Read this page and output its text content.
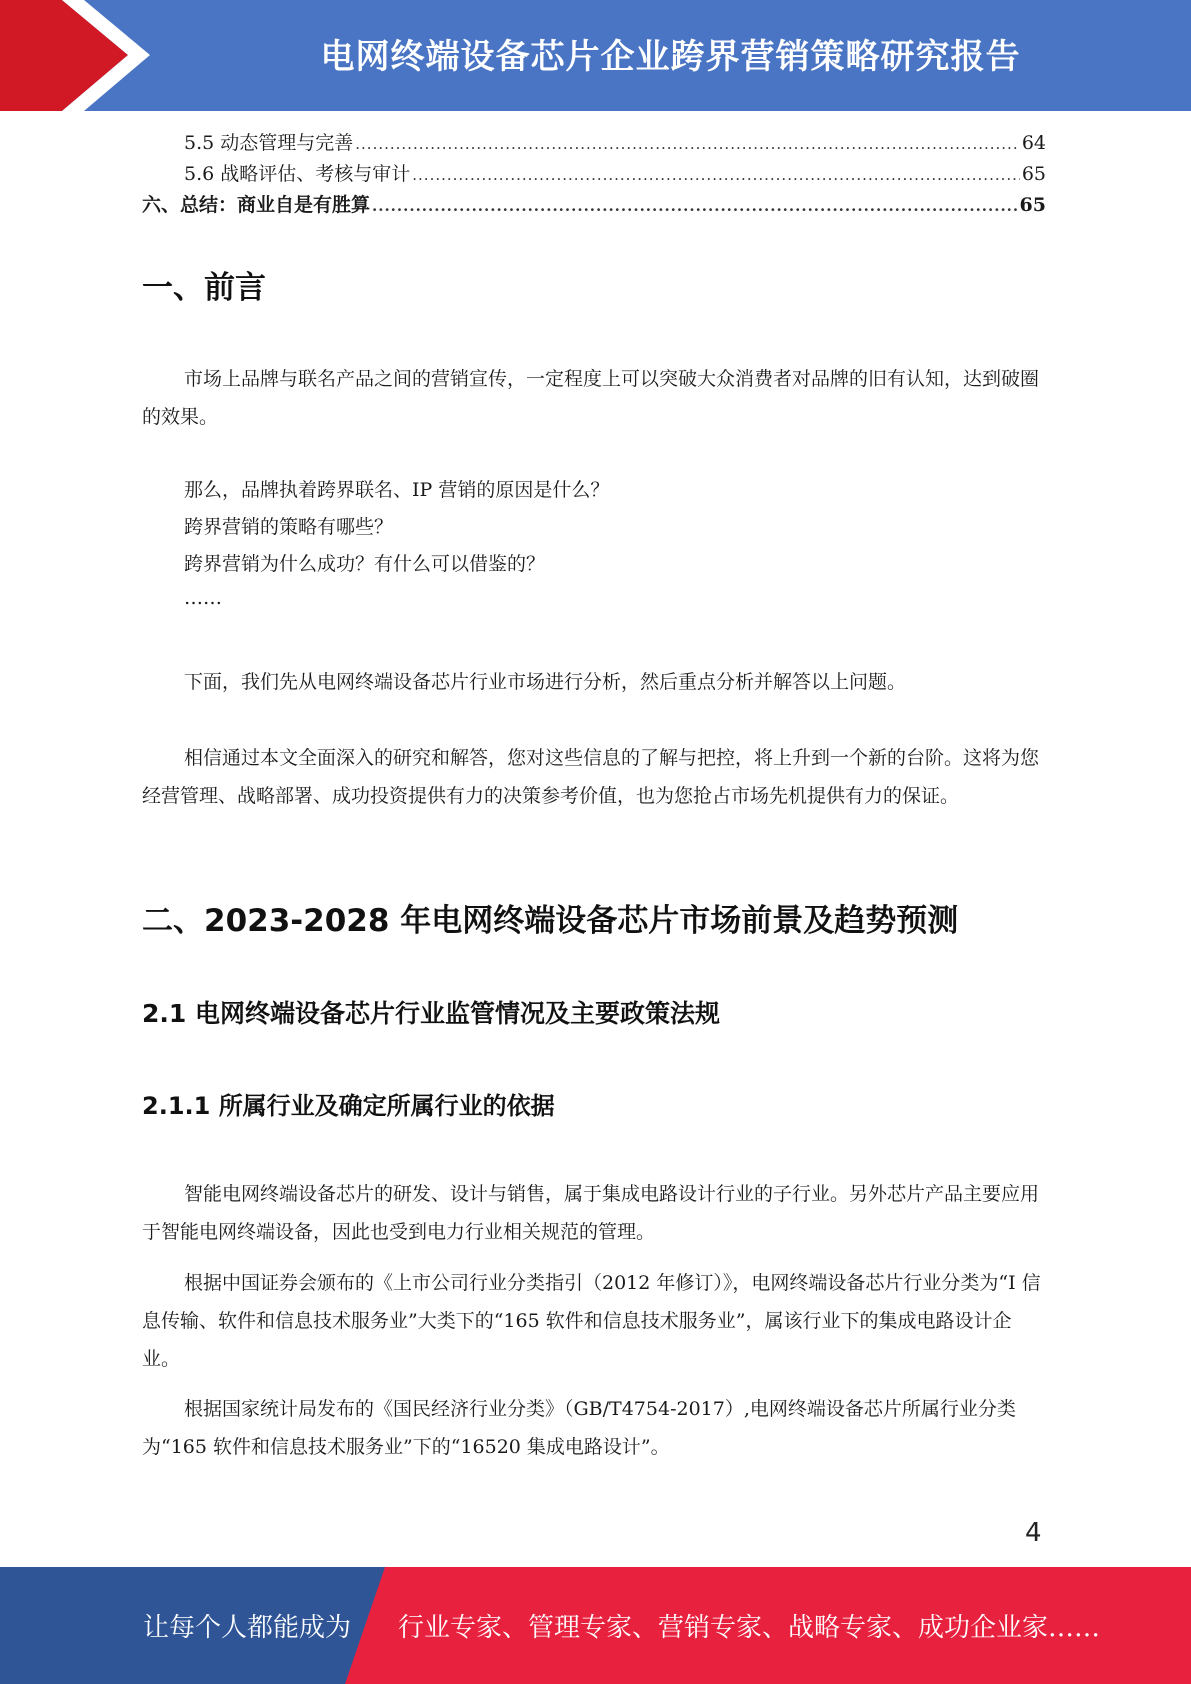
电网终端设备芯片企业跨界营销策略研究报告
5.5 动态管理与完善 .....	64
5.6 战略评估、考核与审计 .....	65
六、总结：商业自是有胜算 .....	65
一、前言

市场上品牌与联名产品之间的营销宣传，一定程度上可以突破大众消费者对品牌的旧有认知，达到破圈的效果。

那么，品牌执着跨界联名、IP 营销的原因是什么？

跨界营销的策略有哪些？

跨界营销为什么成功？有什么可以借鉴的？

……

下面，我们先从电网终端设备芯片行业市场进行分析，然后重点分析并解答以上问题。

相信通过本文全面深入的研究和解答，您对这些信息的了解与把控，将上升到一个新的台阶。这将为您经营管理、战略部署、成功投资提供有力的决策参考价值，也为您抢占市场先机提供有力的保证。

二、2023-2028 年电网终端设备芯片市场前景及趋势预测
2.1 电网终端设备芯片行业监管情况及主要政策法规
2.1.1 所属行业及确定所属行业的依据

智能电网终端设备芯片的研发、设计与销售，属于集成电路设计行业的子行业。另外芯片产品主要应用于智能电网终端设备，因此也受到电力行业相关规范的管理。

根据中国证券会颁布的《上市公司行业分类指引（2012 年修订）》，电网终端设备芯片行业分类为“I 信息传输、软件和信息技术服务业”大类下的“165 软件和信息技术服务业”，属该行业下的集成电路设计企业。

根据国家统计局发布的《国民经济行业分类》（GB/T4754-2017）,电网终端设备芯片所属行业分类为“165 软件和信息技术服务业”下的“16520 集成电路设计”。

4
让每个人都能成为 行业专家、管理专家、营销专家、战略专家、成功企业家……
